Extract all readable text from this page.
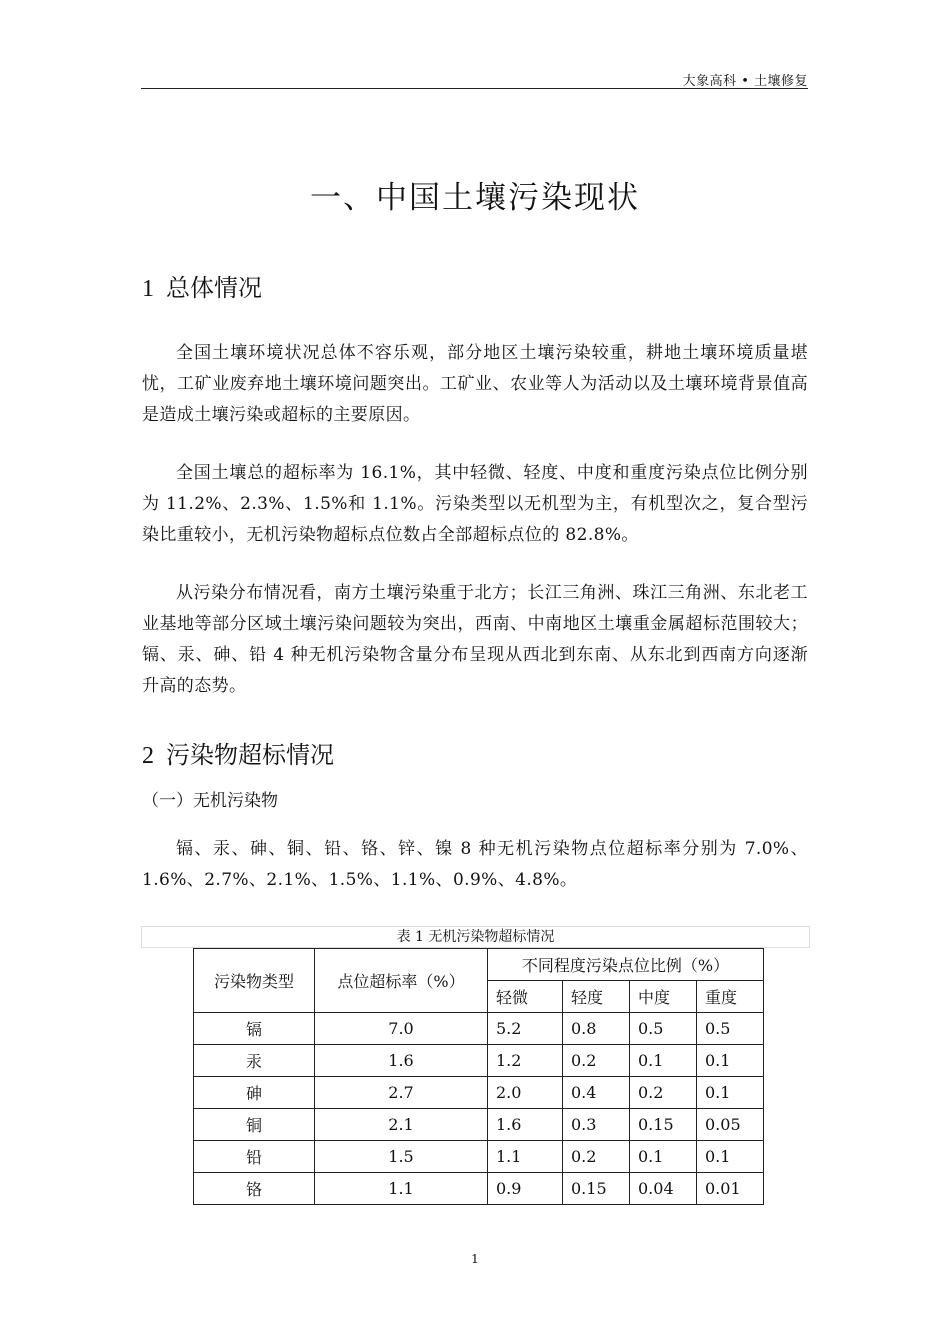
大象高科 • 土壤修复
一、中国土壤污染现状
1 总体情况
全国土壤环境状况总体不容乐观，部分地区土壤污染较重，耕地土壤环境质量堪忧，工矿业废弃地土壤环境问题突出。工矿业、农业等人为活动以及土壤环境背景值高是造成土壤污染或超标的主要原因。
全国土壤总的超标率为 16.1%，其中轻微、轻度、中度和重度污染点位比例分别为 11.2%、2.3%、1.5%和 1.1%。污染类型以无机型为主，有机型次之，复合型污染比重较小，无机污染物超标点位数占全部超标点位的 82.8%。
从污染分布情况看，南方土壤污染重于北方；长江三角洲、珠江三角洲、东北老工业基地等部分区域土壤污染问题较为突出，西南、中南地区土壤重金属超标范围较大；镉、汞、砷、铅 4 种无机污染物含量分布呈现从西北到东南、从东北到西南方向逐渐升高的态势。
2 污染物超标情况
（一）无机污染物
镉、汞、砷、铜、铅、铬、锌、镍 8 种无机污染物点位超标率分别为 7.0%、1.6%、2.7%、2.1%、1.5%、1.1%、0.9%、4.8%。
表 1 无机污染物超标情况
污染物类型	点位超标率（%）	不同程度污染点位比例（%）			
		轻微	轻度	中度	重度
镉	7.0	5.2	0.8	0.5	0.5
汞	1.6	1.2	0.2	0.1	0.1
砷	2.7	2.0	0.4	0.2	0.1
铜	2.1	1.6	0.3	0.15	0.05
铅	1.5	1.1	0.2	0.1	0.1
铬	1.1	0.9	0.15	0.04	0.01
1
